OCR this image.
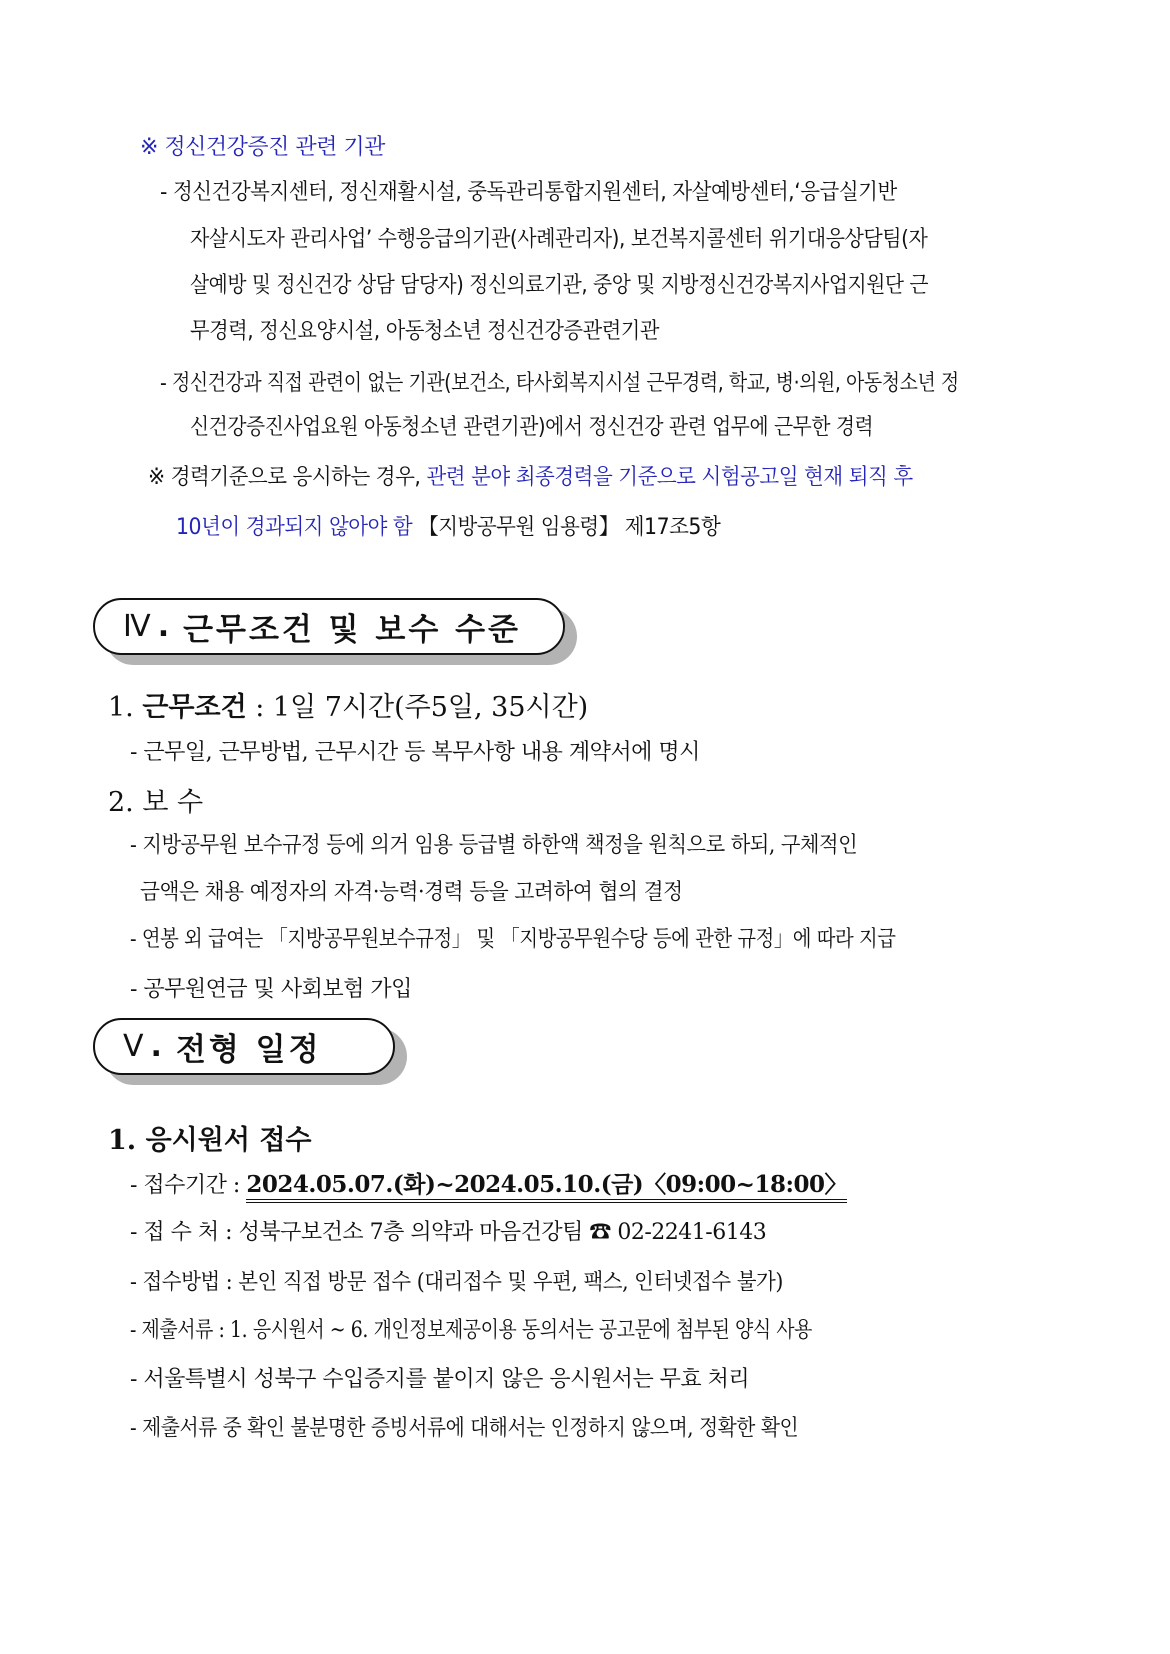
※ 정신건강증진 관련 기관
- 정신건강복지센터, 정신재활시설, 중독관리통합지원센터, 자살예방센터,‘응급실기반
자살시도자 관리사업’ 수행응급의기관(사례관리자), 보건복지콜센터 위기대응상담팀(자
살예방 및 정신건강 상담 담당자) 정신의료기관, 중앙 및 지방정신건강복지사업지원단 근
무경력, 정신요양시설, 아동청소년 정신건강증관련기관
- 정신건강과 직접 관련이 없는 기관(보건소, 타사회복지시설 근무경력, 학교, 병·의원, 아동청소년 정
신건강증진사업요원 아동청소년 관련기관)에서 정신건강 관련 업무에 근무한 경력
※ 경력기준으로 응시하는 경우, 관련 분야 최종경력을 기준으로 시험공고일 현재 퇴직 후
10년이 경과되지 않아야 함 【지방공무원 임용령】 제17조5항
Ⅳ . 근무조건 및 보수 수준
1. 근무조건 : 1일 7시간(주5일, 35시간)
- 근무일, 근무방법, 근무시간 등 복무사항 내용 계약서에 명시
2. 보 수
- 지방공무원 보수규정 등에 의거 임용 등급별 하한액 책정을 원칙으로 하되, 구체적인
금액은 채용 예정자의 자격·능력·경력 등을 고려하여 협의 결정
- 연봉 외 급여는 「지방공무원보수규정」 및 「지방공무원수당 등에 관한 규정」에 따라 지급
- 공무원연금 및 사회보험 가입
Ⅴ . 전형 일정
1. 응시원서 접수
- 접수기간 : 2024.05.07.(화)~2024.05.10.(금)〈09:00~18:00〉
- 접 수 처 : 성북구보건소 7층 의약과 마음건강팀 ☎ 02-2241-6143
- 접수방법 : 본인 직접 방문 접수 (대리접수 및 우편, 팩스, 인터넷접수 불가)
- 제출서류 : 1. 응시원서 ~ 6. 개인정보제공이용 동의서는 공고문에 첨부된 양식 사용
- 서울특별시 성북구 수입증지를 붙이지 않은 응시원서는 무효 처리
- 제출서류 중 확인 불분명한 증빙서류에 대해서는 인정하지 않으며, 정확한 확인
